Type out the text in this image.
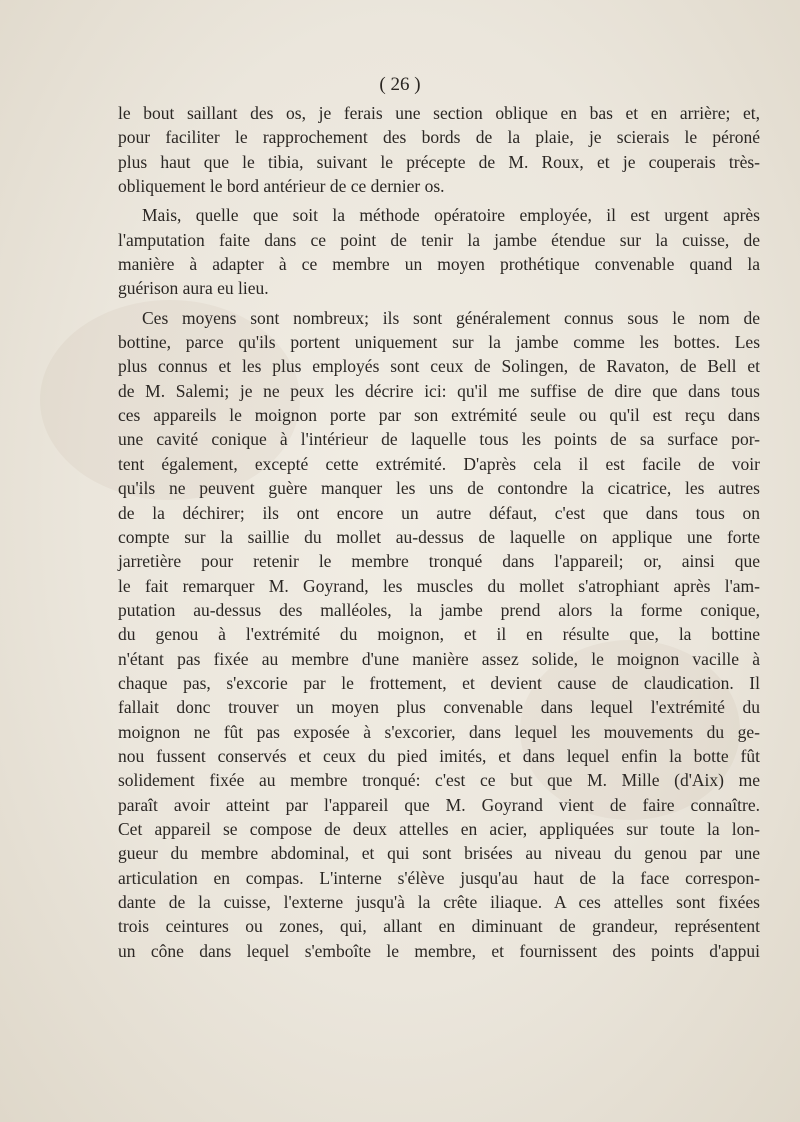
( 26 )
le bout saillant des os, je ferais une section oblique en bas et en arrière; et,
pour faciliter le rapprochement des bords de la plaie, je scierais le péroné
plus haut que le tibia, suivant le précepte de M. Roux, et je couperais très-
obliquement le bord antérieur de ce dernier os.
Mais, quelle que soit la méthode opératoire employée, il est urgent après
l'amputation faite dans ce point de tenir la jambe étendue sur la cuisse, de
manière à adapter à ce membre un moyen prothétique convenable quand la
guérison aura eu lieu.
Ces moyens sont nombreux; ils sont généralement connus sous le nom de
bottine, parce qu'ils portent uniquement sur la jambe comme les bottes. Les
plus connus et les plus employés sont ceux de Solingen, de Ravaton, de Bell et
de M. Salemi; je ne peux les décrire ici: qu'il me suffise de dire que dans tous
ces appareils le moignon porte par son extrémité seule ou qu'il est reçu dans
une cavité conique à l'intérieur de laquelle tous les points de sa surface por-
tent également, excepté cette extrémité. D'après cela il est facile de voir
qu'ils ne peuvent guère manquer les uns de contondre la cicatrice, les autres
de la déchirer; ils ont encore un autre défaut, c'est que dans tous on
compte sur la saillie du mollet au-dessus de laquelle on applique une forte
jarretière pour retenir le membre tronqué dans l'appareil; or, ainsi que
le fait remarquer M. Goyrand, les muscles du mollet s'atrophiant après l'am-
putation au-dessus des malléoles, la jambe prend alors la forme conique,
du genou à l'extrémité du moignon, et il en résulte que, la bottine
n'étant pas fixée au membre d'une manière assez solide, le moignon vacille à
chaque pas, s'excorie par le frottement, et devient cause de claudication. Il
fallait donc trouver un moyen plus convenable dans lequel l'extrémité du
moignon ne fût pas exposée à s'excorier, dans lequel les mouvements du ge-
nou fussent conservés et ceux du pied imités, et dans lequel enfin la botte fût
solidement fixée au membre tronqué: c'est ce but que M. Mille (d'Aix) me
paraît avoir atteint par l'appareil que M. Goyrand vient de faire connaître.
Cet appareil se compose de deux attelles en acier, appliquées sur toute la lon-
gueur du membre abdominal, et qui sont brisées au niveau du genou par une
articulation en compas. L'interne s'élève jusqu'au haut de la face correspon-
dante de la cuisse, l'externe jusqu'à la crête iliaque. A ces attelles sont fixées
trois ceintures ou zones, qui, allant en diminuant de grandeur, représentent
un cône dans lequel s'emboîte le membre, et fournissent des points d'appui
